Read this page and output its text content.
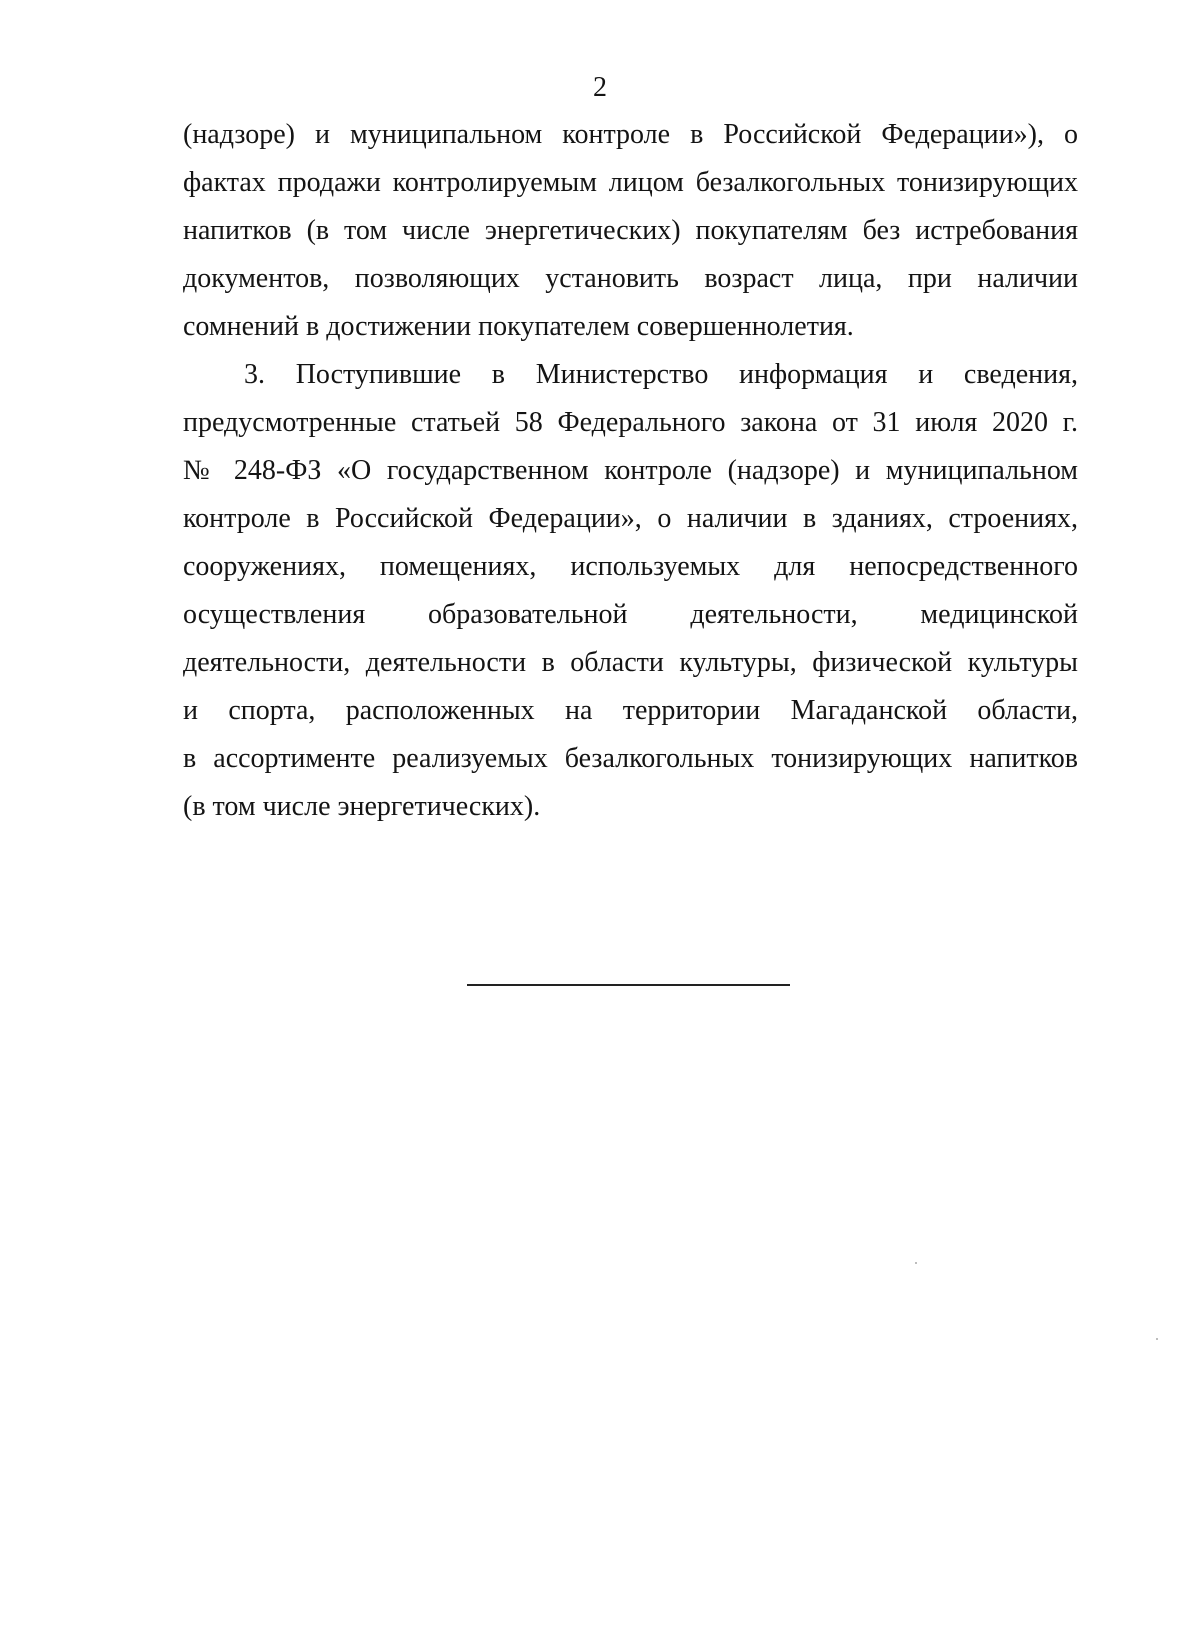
2
(надзоре) и муниципальном контроле в Российской Федерации»), о
фактах продажи контролируемым лицом безалкогольных тонизирующих
напитков (в том числе энергетических) покупателям без истребования
документов, позволяющих установить возраст лица, при наличии
сомнений в достижении покупателем совершеннолетия.
3. Поступившие в Министерство информация и сведения,
предусмотренные статьей 58 Федерального закона от 31 июля 2020 г.
№ 248-ФЗ «О государственном контроле (надзоре) и муниципальном
контроле в Российской Федерации», о наличии в зданиях, строениях,
сооружениях, помещениях, используемых для непосредственного
осуществления образовательной деятельности, медицинской
деятельности, деятельности в области культуры, физической культуры
и спорта, расположенных на территории Магаданской области,
в ассортименте реализуемых безалкогольных тонизирующих напитков
(в том числе энергетических).
